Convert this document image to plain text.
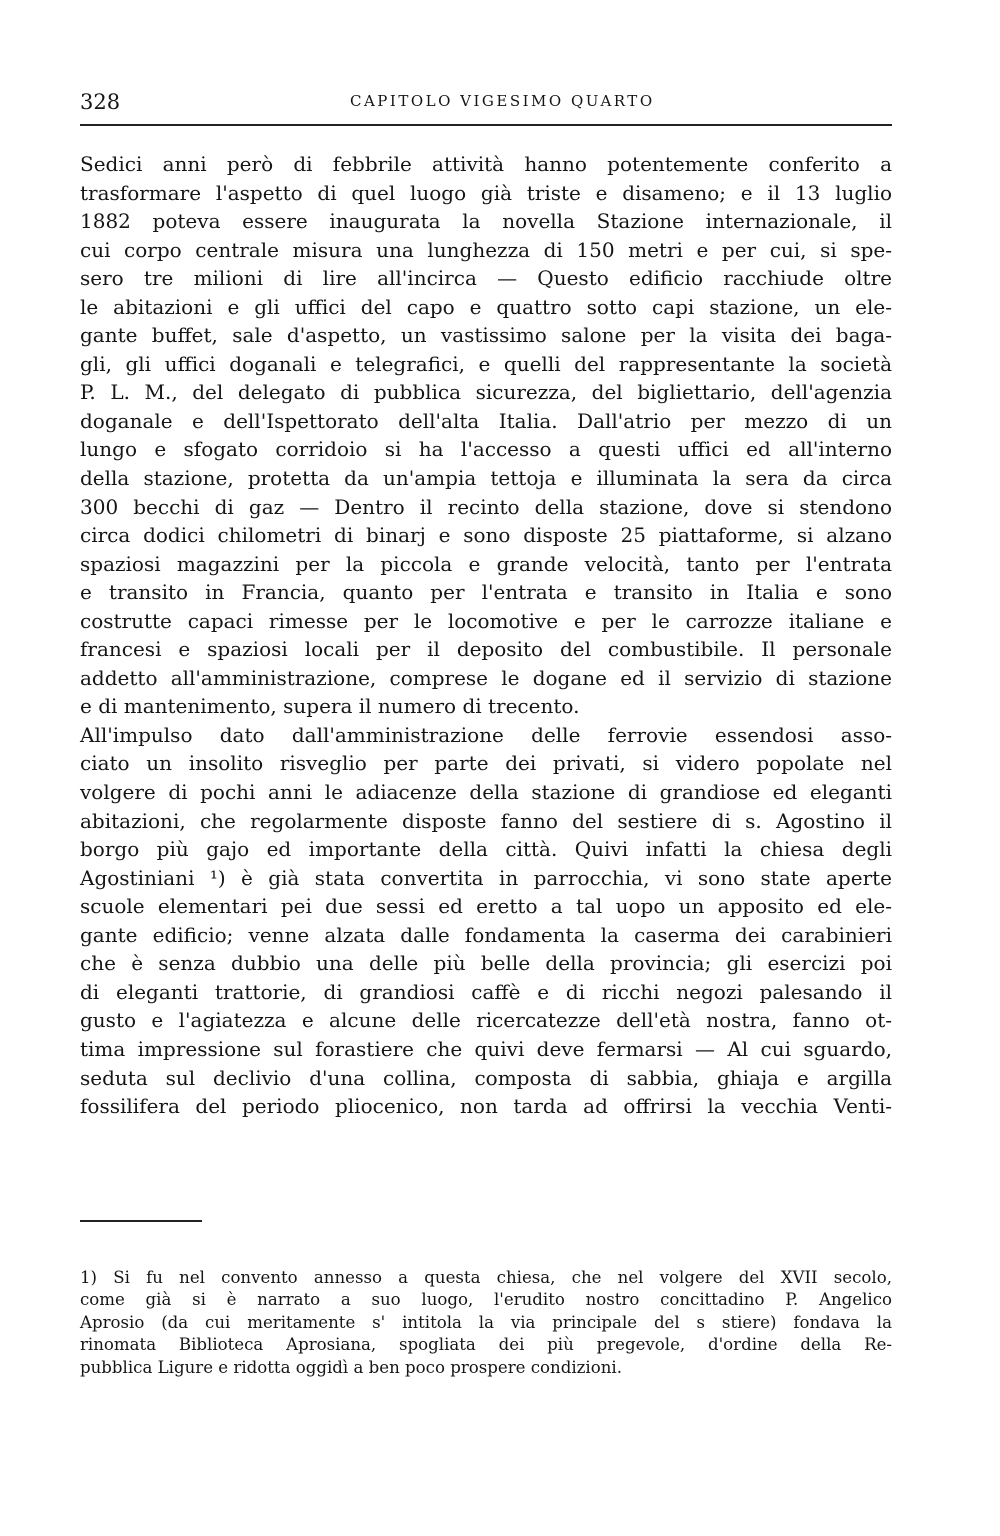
328	CAPITOLO VIGESIMO QUARTO
Sedici anni però di febbrile attività hanno potentemente conferito a
trasformare l'aspetto di quel luogo già triste e disameno; e il 13 luglio
1882 poteva essere inaugurata la novella Stazione internazionale, il
cui corpo centrale misura una lunghezza di 150 metri e per cui, si spe-
sero tre milioni di lire all'incirca — Questo edificio racchiude oltre
le abitazioni e gli uffici del capo e quattro sotto capi stazione, un ele-
gante buffet, sale d'aspetto, un vastissimo salone per la visita dei baga-
gli, gli uffici doganali e telegrafici, e quelli del rappresentante la società
P. L. M., del delegato di pubblica sicurezza, del bigliettario, dell'agenzia
doganale e dell'Ispettorato dell'alta Italia. Dall'atrio per mezzo di un
lungo e sfogato corridoio si ha l'accesso a questi uffici ed all'interno
della stazione, protetta da un'ampia tettoja e illuminata la sera da circa
300 becchi di gaz — Dentro il recinto della stazione, dove si stendono
circa dodici chilometri di binarj e sono disposte 25 piattaforme, si alzano
spaziosi magazzini per la piccola e grande velocità, tanto per l'entrata
e transito in Francia, quanto per l'entrata e transito in Italia e sono
costrutte capaci rimesse per le locomotive e per le carrozze italiane e
francesi e spaziosi locali per il deposito del combustibile. Il personale
addetto all'amministrazione, comprese le dogane ed il servizio di stazione
e di mantenimento, supera il numero di trecento.
All'impulso dato dall'amministrazione delle ferrovie essendosi asso-
ciato un insolito risveglio per parte dei privati, si videro popolate nel
volgere di pochi anni le adiacenze della stazione di grandiose ed eleganti
abitazioni, che regolarmente disposte fanno del sestiere di s. Agostino il
borgo più gajo ed importante della città. Quivi infatti la chiesa degli
Agostiniani ¹) è già stata convertita in parrocchia, vi sono state aperte
scuole elementari pei due sessi ed eretto a tal uopo un apposito ed ele-
gante edificio; venne alzata dalle fondamenta la caserma dei carabinieri
che è senza dubbio una delle più belle della provincia; gli esercizi poi
di eleganti trattorie, di grandiosi caffè e di ricchi negozi palesando il
gusto e l'agiatezza e alcune delle ricercatezze dell'età nostra, fanno ot-
tima impressione sul forastiere che quivi deve fermarsi — Al cui sguardo,
seduta sul declivio d'una collina, composta di sabbia, ghiaja e argilla
fossilifera del periodo pliocenico, non tarda ad offrirsi la vecchia Venti-
1) Si fu nel convento annesso a questa chiesa, che nel volgere del XVII secolo,
come già si è narrato a suo luogo, l'erudito nostro concittadino P. Angelico
Aprosio (da cui meritamente s' intitola la via principale del s stiere) fondava la
rinomata Biblioteca Aprosiana, spogliata dei più pregevole, d'ordine della Re-
pubblica Ligure e ridotta oggidì a ben poco prospere condizioni.
